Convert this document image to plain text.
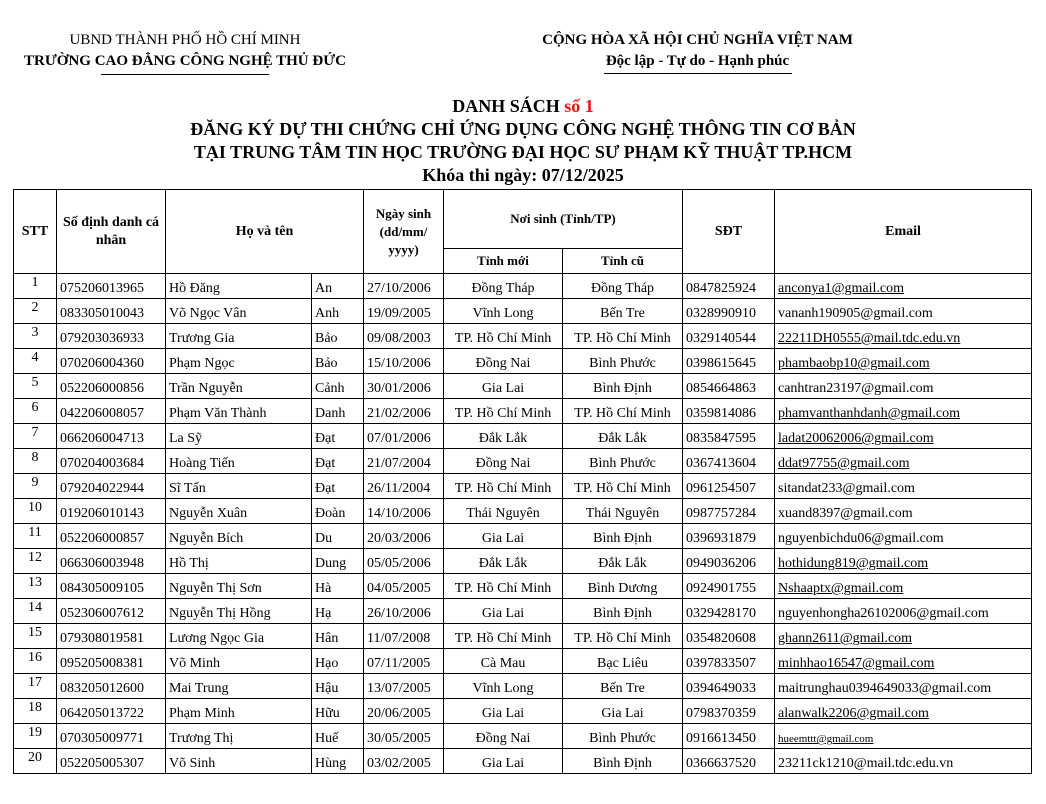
UBND THÀNH PHỐ HỒ CHÍ MINH
TRƯỜNG CAO ĐẲNG CÔNG NGHỆ THỦ ĐỨC
CỘNG HÒA XÃ HỘI CHỦ NGHĨA VIỆT NAM
Độc lập - Tự do - Hạnh phúc
DANH SÁCH số 1
ĐĂNG KÝ DỰ THI CHỨNG CHỈ ỨNG DỤNG CÔNG NGHỆ THÔNG TIN CƠ BẢN
TẠI TRUNG TÂM TIN HỌC TRƯỜNG ĐẠI HỌC SƯ PHẠM KỸ THUẬT TP.HCM
Khóa thi ngày: 07/12/2025
STT	Số định danh cá nhân	Họ và tên		Ngày sinh (dd/mm/ yyyy)	Nơi sinh (Tỉnh/TP)		SĐT	Email
					Tỉnh mới	Tỉnh cũ		
1	075206013965	Hồ Đăng	An	27/10/2006	Đồng Tháp	Đồng Tháp	0847825924	anconya1@gmail.com
2	083305010043	Võ Ngọc Vân	Anh	19/09/2005	Vĩnh Long	Bến Tre	0328990910	vananh190905@gmail.com
3	079203036933	Trương Gia	Bảo	09/08/2003	TP. Hồ Chí Minh	TP. Hồ Chí Minh	0329140544	22211DH0555@mail.tdc.edu.vn
4	070206004360	Phạm Ngọc	Bảo	15/10/2006	Đồng Nai	Bình Phước	0398615645	phambaobp10@gmail.com
5	052206000856	Trần Nguyễn	Cảnh	30/01/2006	Gia Lai	Bình Định	0854664863	canhtran23197@gmail.com
6	042206008057	Phạm Văn Thành	Danh	21/02/2006	TP. Hồ Chí Minh	TP. Hồ Chí Minh	0359814086	phamvanthanhdanh@gmail.com
7	066206004713	La Sỹ	Đạt	07/01/2006	Đắk Lắk	Đắk Lắk	0835847595	ladat20062006@gmail.com
8	070204003684	Hoàng Tiến	Đạt	21/07/2004	Đồng Nai	Bình Phước	0367413604	ddat97755@gmail.com
9	079204022944	Sĩ Tấn	Đạt	26/11/2004	TP. Hồ Chí Minh	TP. Hồ Chí Minh	0961254507	sitandat233@gmail.com
10	019206010143	Nguyễn Xuân	Đoàn	14/10/2006	Thái Nguyên	Thái Nguyên	0987757284	xuand8397@gmail.com
11	052206000857	Nguyễn Bích	Du	20/03/2006	Gia Lai	Bình Định	0396931879	nguyenbichdu06@gmail.com
12	066306003948	Hồ Thị	Dung	05/05/2006	Đắk Lắk	Đắk Lắk	0949036206	hothidung819@gmail.com
13	084305009105	Nguyễn Thị Sơn	Hà	04/05/2005	TP. Hồ Chí Minh	Bình Dương	0924901755	Nshaaptx@gmail.com
14	052306007612	Nguyễn Thị Hồng	Hạ	26/10/2006	Gia Lai	Bình Định	0329428170	nguyenhongha26102006@gmail.com
15	079308019581	Lương Ngọc Gia	Hân	11/07/2008	TP. Hồ Chí Minh	TP. Hồ Chí Minh	0354820608	ghann2611@gmail.com
16	095205008381	Võ Minh	Hạo	07/11/2005	Cà Mau	Bạc Liêu	0397833507	minhhao16547@gmail.com
17	083205012600	Mai Trung	Hậu	13/07/2005	Vĩnh Long	Bến Tre	0394649033	maitrunghau0394649033@gmail.com
18	064205013722	Phạm Minh	Hữu	20/06/2005	Gia Lai	Gia Lai	0798370359	alanwalk2206@gmail.com
19	070305009771	Trương Thị	Huế	30/05/2005	Đồng Nai	Bình Phước	0916613450	hueemttt@gmail.com
20	052205005307	Võ Sinh	Hùng	03/02/2005	Gia Lai	Bình Định	0366637520	23211ck1210@mail.tdc.edu.vn
